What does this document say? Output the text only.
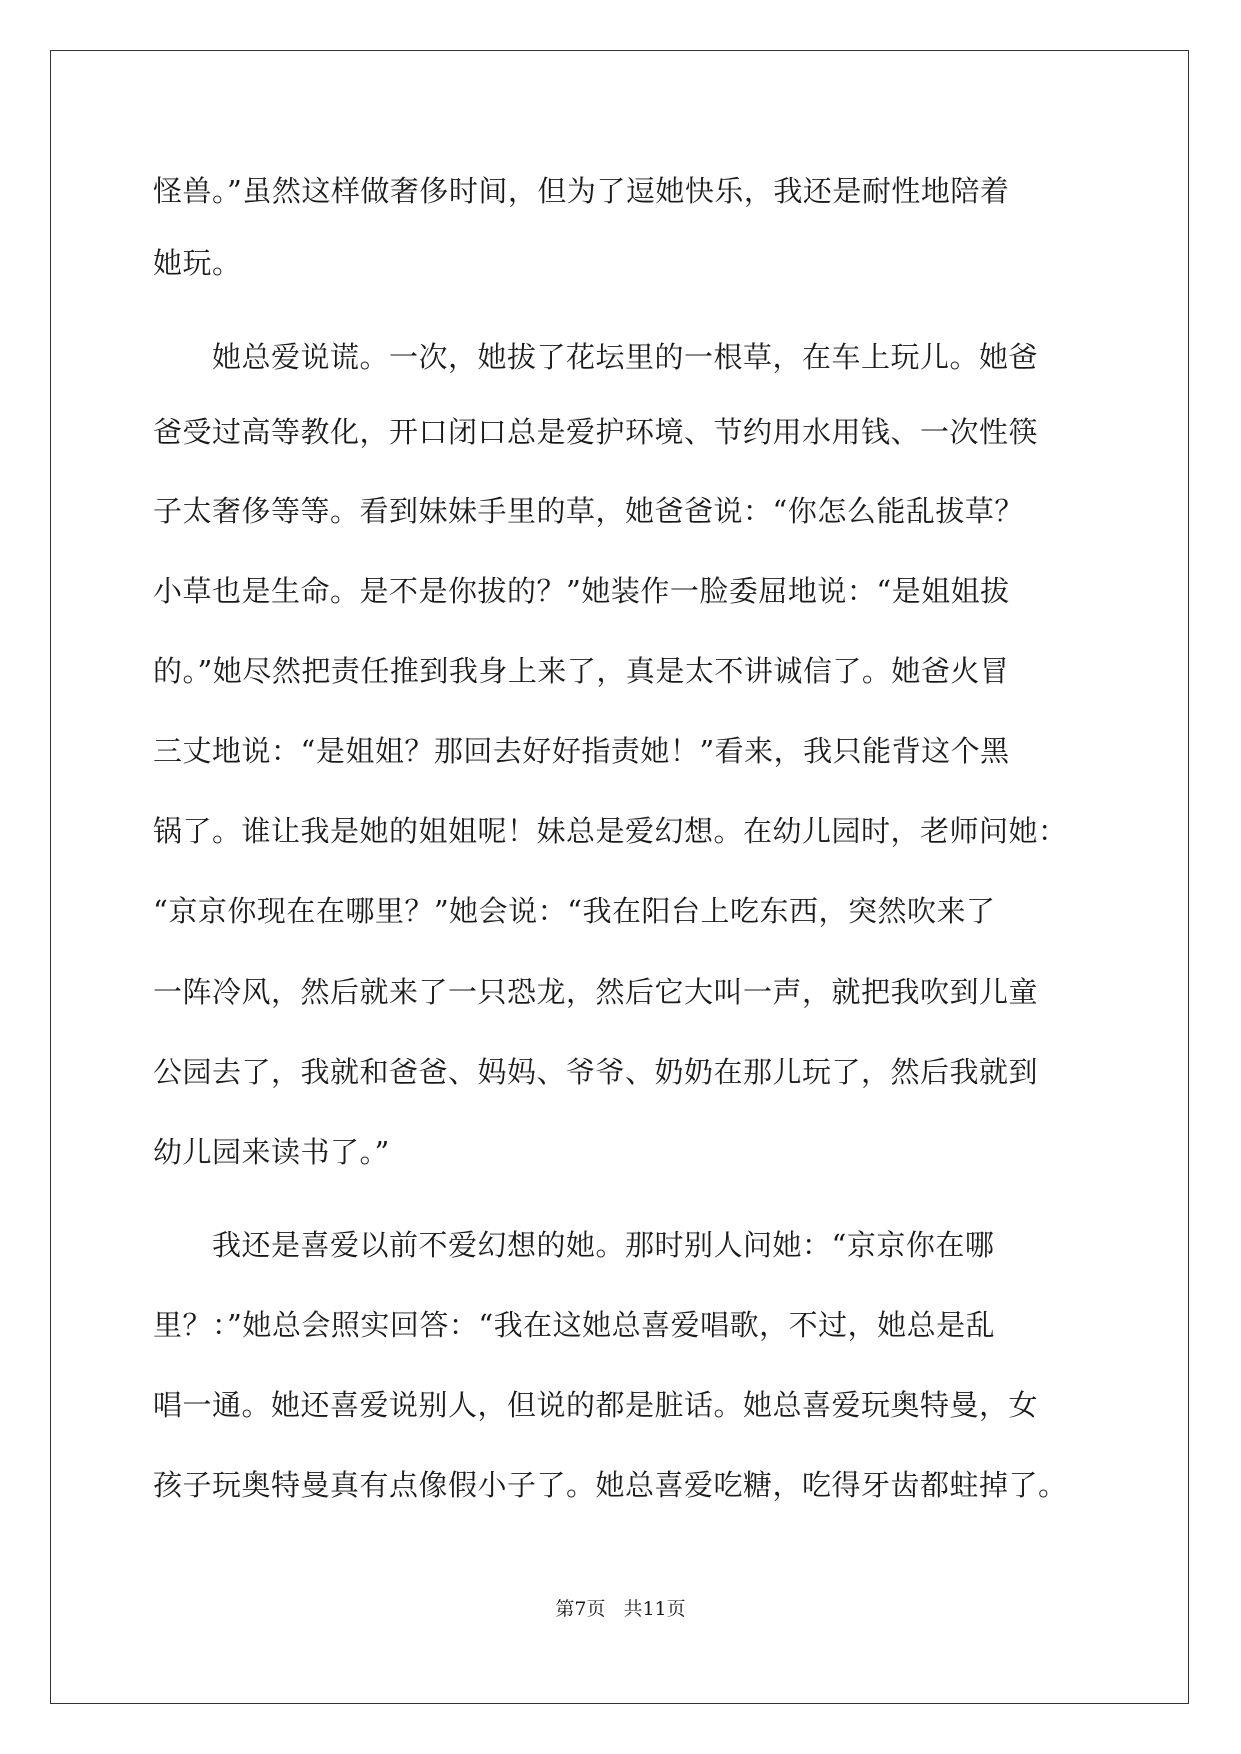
怪兽。”虽然这样做奢侈时间，但为了逗她快乐，我还是耐性地陪着
她玩。
　　她总爱说谎。一次，她拔了花坛里的一根草，在车上玩儿。她爸
爸受过高等教化，开口闭口总是爱护环境、节约用水用钱、一次性筷
子太奢侈等等。看到妹妹手里的草，她爸爸说：“你怎么能乱拔草？
小草也是生命。是不是你拔的？”她装作一脸委屈地说：“是姐姐拔
的。”她尽然把责任推到我身上来了，真是太不讲诚信了。她爸火冒
三丈地说：“是姐姐？那回去好好指责她！”看来，我只能背这个黑
锅了。谁让我是她的姐姐呢！妹总是爱幻想。在幼儿园时，老师问她：
“京京你现在在哪里？”她会说：“我在阳台上吃东西，突然吹来了
一阵冷风，然后就来了一只恐龙，然后它大叫一声，就把我吹到儿童
公园去了，我就和爸爸、妈妈、爷爷、奶奶在那儿玩了，然后我就到
幼儿园来读书了。”
　　我还是喜爱以前不爱幻想的她。那时别人问她：“京京你在哪
里？：”她总会照实回答：“我在这她总喜爱唱歌，不过，她总是乱
唱一通。她还喜爱说别人，但说的都是脏话。她总喜爱玩奥特曼，女
孩子玩奥特曼真有点像假小子了。她总喜爱吃糖，吃得牙齿都蛀掉了。
第7页 共11页
